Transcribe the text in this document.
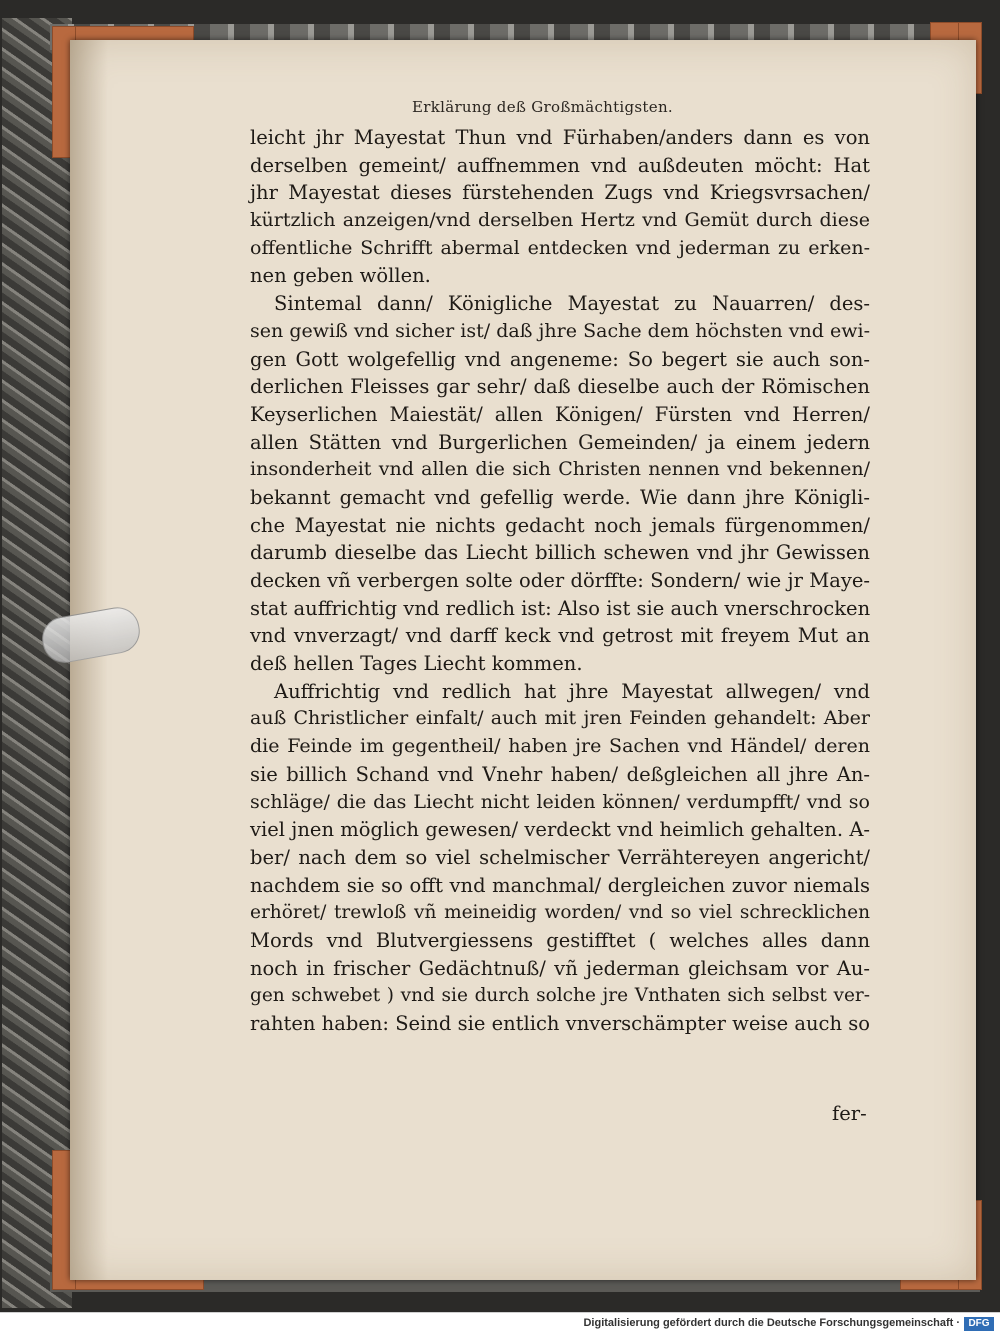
Erklärung deß Großmächtigsten.
leicht jhr Mayestat Thun vnd Fürhaben/anders dann es von
derselben gemeint/ auffnemmen vnd außdeuten möcht: Hat
jhr Mayestat dieses fürstehenden Zugs vnd Kriegsvrsachen/
kürtzlich anzeigen/vnd derselben Hertz vnd Gemüt durch diese
offentliche Schrifft abermal entdecken vnd jederman zu erken-
nen geben wöllen.
Sintemal dann/ Königliche Mayestat zu Nauarren/ des-
sen gewiß vnd sicher ist/ daß jhre Sache dem höchsten vnd ewi-
gen Gott wolgefellig vnd angeneme: So begert sie auch son-
derlichen Fleisses gar sehr/ daß dieselbe auch der Römischen
Keyserlichen Maiestät/ allen Königen/ Fürsten vnd Herren/
allen Stätten vnd Burgerlichen Gemeinden/ ja einem jedern
insonderheit vnd allen die sich Christen nennen vnd bekennen/
bekannt gemacht vnd gefellig werde. Wie dann jhre Königli-
che Mayestat nie nichts gedacht noch jemals fürgenommen/
darumb dieselbe das Liecht billich schewen vnd jhr Gewissen
decken vñ verbergen solte oder dörffte: Sondern/ wie jr Maye-
stat auffrichtig vnd redlich ist: Also ist sie auch vnerschrocken
vnd vnverzagt/ vnd darff keck vnd getrost mit freyem Mut an
deß hellen Tages Liecht kommen.
Auffrichtig vnd redlich hat jhre Mayestat allwegen/ vnd
auß Christlicher einfalt/ auch mit jren Feinden gehandelt: Aber
die Feinde im gegentheil/ haben jre Sachen vnd Händel/ deren
sie billich Schand vnd Vnehr haben/ deßgleichen all jhre An-
schläge/ die das Liecht nicht leiden können/ verdumpfft/ vnd so
viel jnen möglich gewesen/ verdeckt vnd heimlich gehalten. A-
ber/ nach dem so viel schelmischer Verrähtereyen angericht/
nachdem sie so offt vnd manchmal/ dergleichen zuvor niemals
erhöret/ trewloß vñ meineidig worden/ vnd so viel schrecklichen
Mords vnd Blutvergiessens gestifftet ( welches alles dann
noch in frischer Gedächtnuß/ vñ jederman gleichsam vor Au-
gen schwebet ) vnd sie durch solche jre Vnthaten sich selbst ver-
rahten haben: Seind sie entlich vnverschämpter weise auch so
fer-
Digitalisierung gefördert durch die Deutsche Forschungsgemeinschaft · DFG
